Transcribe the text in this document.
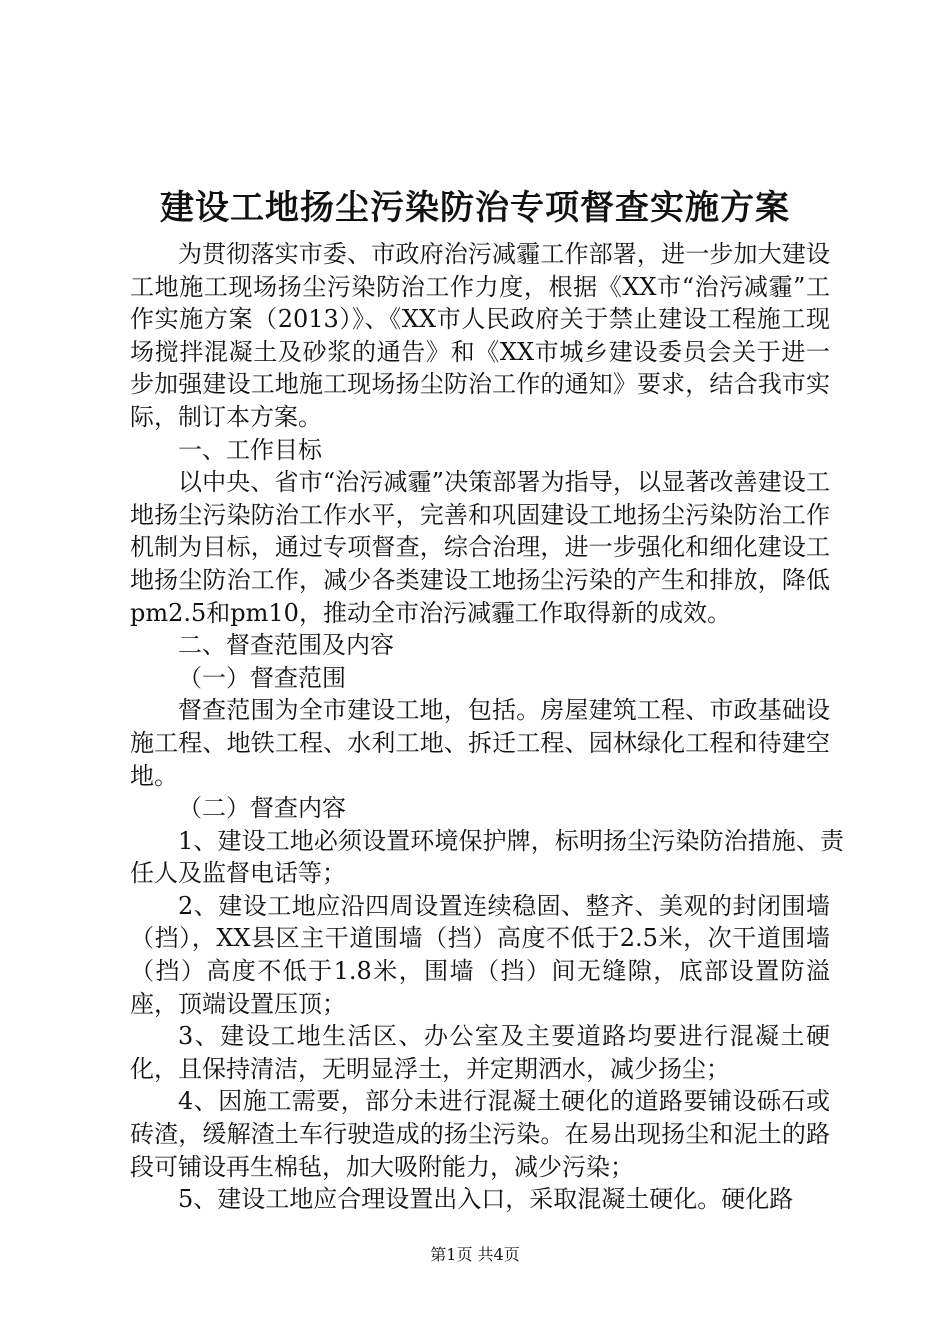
建设工地扬尘污染防治专项督查实施方案

为贯彻落实市委、市政府治污减霾工作部署，进一步加大建设工地施工现场扬尘污染防治工作力度，根据《XX市“治污减霾”工作实施方案（2013）》、《XX市人民政府关于禁止建设工程施工现场搅拌混凝土及砂浆的通告》和《XX市城乡建设委员会关于进一步加强建设工地施工现场扬尘防治工作的通知》要求，结合我市实际，制订本方案。

一、工作目标

以中央、省市“治污减霾”决策部署为指导，以显著改善建设工地扬尘污染防治工作水平，完善和巩固建设工地扬尘污染防治工作机制为目标，通过专项督查，综合治理，进一步强化和细化建设工地扬尘防治工作，减少各类建设工地扬尘污染的产生和排放，降低pm2.5和pm10，推动全市治污减霾工作取得新的成效。

二、督查范围及内容

（一）督查范围

督查范围为全市建设工地，包括。房屋建筑工程、市政基础设施工程、地铁工程、水利工地、拆迁工程、园林绿化工程和待建空地。

（二）督查内容

1、建设工地必须设置环境保护牌，标明扬尘污染防治措施、责任人及监督电话等；

2、建设工地应沿四周设置连续稳固、整齐、美观的封闭围墙（挡），XX县区主干道围墙（挡）高度不低于2.5米，次干道围墙（挡）高度不低于1.8米，围墙（挡）间无缝隙，底部设置防溢座，顶端设置压顶；

3、建设工地生活区、办公室及主要道路均要进行混凝土硬化，且保持清洁，无明显浮土，并定期洒水，减少扬尘；

4、因施工需要，部分未进行混凝土硬化的道路要铺设砾石或砖渣，缓解渣土车行驶造成的扬尘污染。在易出现扬尘和泥土的路段可铺设再生棉毡，加大吸附能力，减少污染；

5、建设工地应合理设置出入口，采取混凝土硬化。硬化路

第1页 共4页
